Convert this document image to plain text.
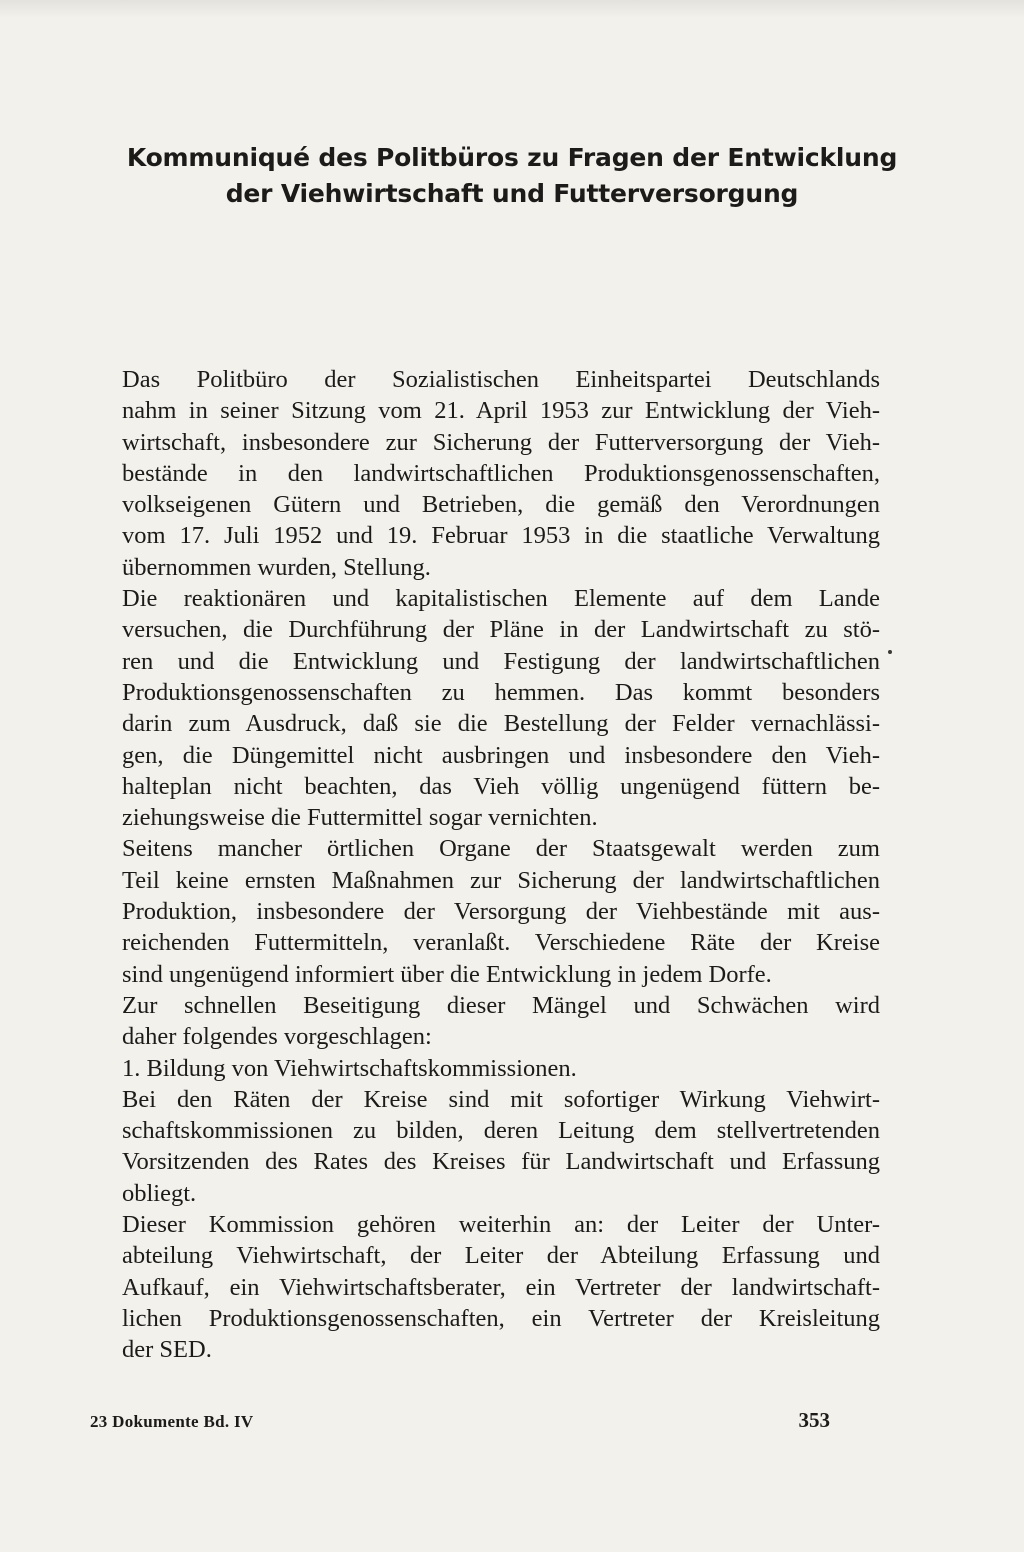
Kommuniqué des Politbüros zu Fragen der Entwicklung
der Viehwirtschaft und Futterversorgung

Das Politbüro der Sozialistischen Einheitspartei Deutschlands
nahm in seiner Sitzung vom 21. April 1953 zur Entwicklung der Vieh-
wirtschaft, insbesondere zur Sicherung der Futterversorgung der Vieh-
bestände in den landwirtschaftlichen Produktionsgenossenschaften,
volkseigenen Gütern und Betrieben, die gemäß den Verordnungen
vom 17. Juli 1952 und 19. Februar 1953 in die staatliche Verwaltung
übernommen wurden, Stellung.

Die reaktionären und kapitalistischen Elemente auf dem Lande
versuchen, die Durchführung der Pläne in der Landwirtschaft zu stö-
ren und die Entwicklung und Festigung der landwirtschaftlichen
Produktionsgenossenschaften zu hemmen. Das kommt besonders
darin zum Ausdruck, daß sie die Bestellung der Felder vernachlässi-
gen, die Düngemittel nicht ausbringen und insbesondere den Vieh-
halteplan nicht beachten, das Vieh völlig ungenügend füttern be-
ziehungsweise die Futtermittel sogar vernichten.

Seitens mancher örtlichen Organe der Staatsgewalt werden zum
Teil keine ernsten Maßnahmen zur Sicherung der landwirtschaftlichen
Produktion, insbesondere der Versorgung der Viehbestände mit aus-
reichenden Futtermitteln, veranlaßt. Verschiedene Räte der Kreise
sind ungenügend informiert über die Entwicklung in jedem Dorfe.

Zur schnellen Beseitigung dieser Mängel und Schwächen wird
daher folgendes vorgeschlagen:

1. Bildung von Viehwirtschaftskommissionen.

Bei den Räten der Kreise sind mit sofortiger Wirkung Viehwirt-
schaftskommissionen zu bilden, deren Leitung dem stellvertretenden
Vorsitzenden des Rates des Kreises für Landwirtschaft und Erfassung
obliegt.

Dieser Kommission gehören weiterhin an: der Leiter der Unter-
abteilung Viehwirtschaft, der Leiter der Abteilung Erfassung und
Aufkauf, ein Viehwirtschaftsberater, ein Vertreter der landwirtschaft-
lichen Produktionsgenossenschaften, ein Vertreter der Kreisleitung
der SED.

23 Dokumente Bd. IV	353
